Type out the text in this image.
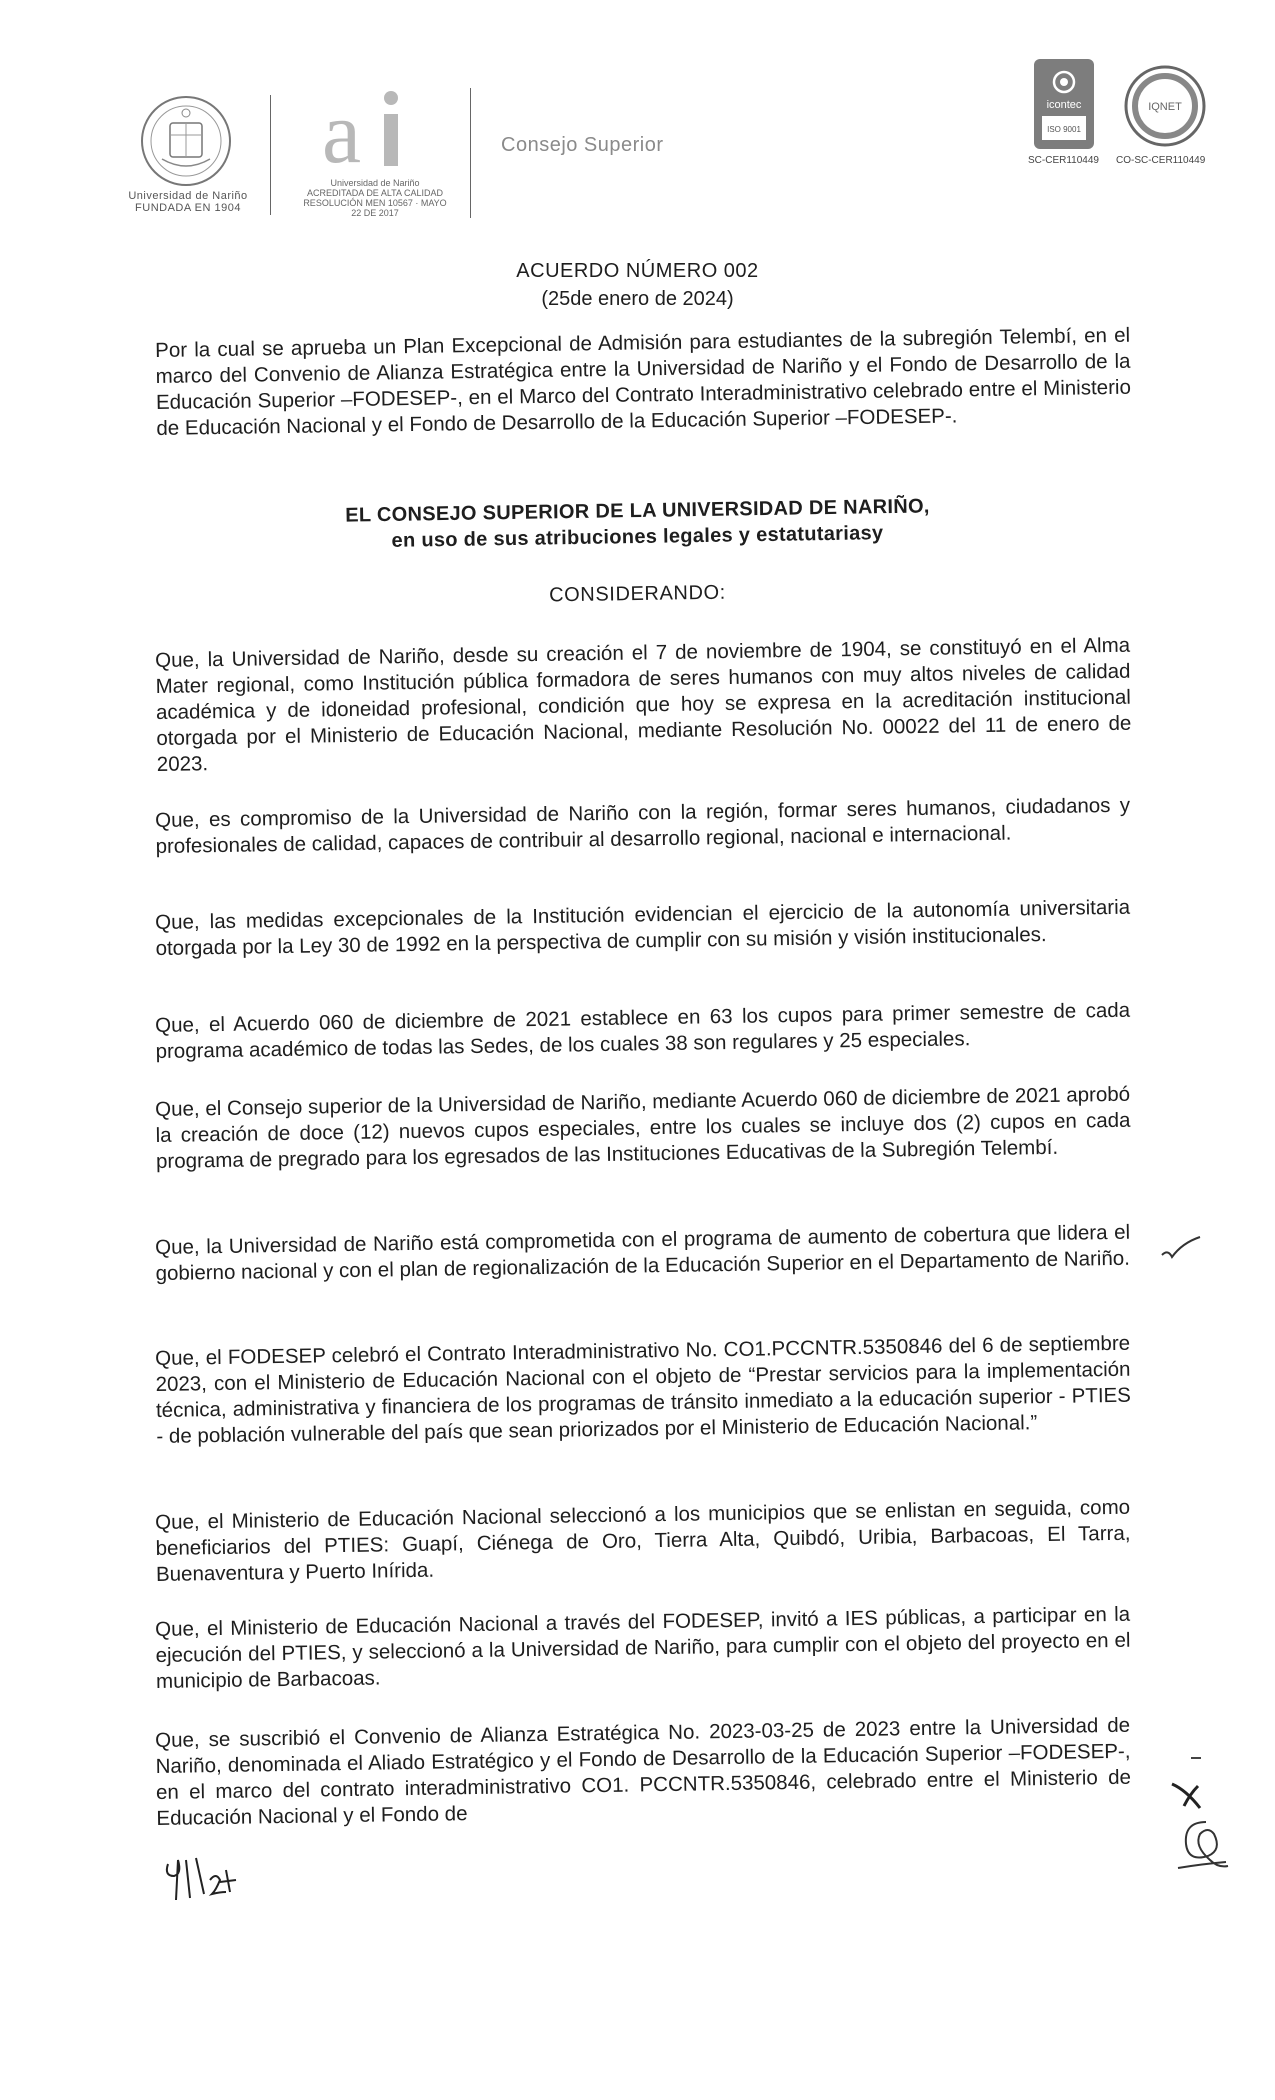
Universidad de Nariño
FUNDADA EN 1904
a
Universidad de Nariño
ACREDITADA DE ALTA CALIDAD
RESOLUCIÓN MEN 10567 · MAYO 22 DE 2017
Consejo Superior
icontec
ISO 9001
IQNET
SC-CER110449 CO-SC-CER110449
ACUERDO NÚMERO 002
(25de enero de 2024)
Por la cual se aprueba un Plan Excepcional de Admisión para estudiantes de la subregión Telembí, en el marco del Convenio de Alianza Estratégica entre la Universidad de Nariño y el Fondo de Desarrollo de la Educación Superior –FODESEP-, en el Marco del Contrato Interadministrativo celebrado entre el Ministerio de Educación Nacional y el Fondo de Desarrollo de la Educación Superior –FODESEP-.
EL CONSEJO SUPERIOR DE LA UNIVERSIDAD DE NARIÑO,
en uso de sus atribuciones legales y estatutariasy
CONSIDERANDO:
Que, la Universidad de Nariño, desde su creación el 7 de noviembre de 1904, se constituyó en el Alma Mater regional, como Institución pública formadora de seres humanos con muy altos niveles de calidad académica y de idoneidad profesional, condición que hoy se expresa en la acreditación institucional otorgada por el Ministerio de Educación Nacional, mediante Resolución No. 00022 del 11 de enero de 2023.
Que, es compromiso de la Universidad de Nariño con la región, formar seres humanos, ciudadanos y profesionales de calidad, capaces de contribuir al desarrollo regional, nacional e internacional.
Que, las medidas excepcionales de la Institución evidencian el ejercicio de la autonomía universitaria otorgada por la Ley 30 de 1992 en la perspectiva de cumplir con su misión y visión institucionales.
Que, el Acuerdo 060 de diciembre de 2021 establece en 63 los cupos para primer semestre de cada programa académico de todas las Sedes, de los cuales 38 son regulares y 25 especiales.
Que, el Consejo superior de la Universidad de Nariño, mediante Acuerdo 060 de diciembre de 2021 aprobó la creación de doce (12) nuevos cupos especiales, entre los cuales se incluye dos (2) cupos en cada programa de pregrado para los egresados de las Instituciones Educativas de la Subregión Telembí.
Que, la Universidad de Nariño está comprometida con el programa de aumento de cobertura que lidera el gobierno nacional y con el plan de regionalización de la Educación Superior en el Departamento de Nariño.
Que, el FODESEP celebró el Contrato Interadministrativo No. CO1.PCCNTR.5350846 del 6 de septiembre 2023, con el Ministerio de Educación Nacional con el objeto de “Prestar servicios para la implementación técnica, administrativa y financiera de los programas de tránsito inmediato a la educación superior - PTIES - de población vulnerable del país que sean priorizados por el Ministerio de Educación Nacional.”
Que, el Ministerio de Educación Nacional seleccionó a los municipios que se enlistan en seguida, como beneficiarios del PTIES: Guapí, Ciénega de Oro, Tierra Alta, Quibdó, Uribia, Barbacoas, El Tarra, Buenaventura y Puerto Inírida.
Que, el Ministerio de Educación Nacional a través del FODESEP, invitó a IES públicas, a participar en la ejecución del PTIES, y seleccionó a la Universidad de Nariño, para cumplir con el objeto del proyecto en el municipio de Barbacoas.
Que, se suscribió el Convenio de Alianza Estratégica No. 2023-03-25 de 2023 entre la Universidad de Nariño, denominada el Aliado Estratégico y el Fondo de Desarrollo de la Educación Superior –FODESEP-, en el marco del contrato interadministrativo CO1. PCCNTR.5350846, celebrado entre el Ministerio de Educación Nacional y el Fondo de
